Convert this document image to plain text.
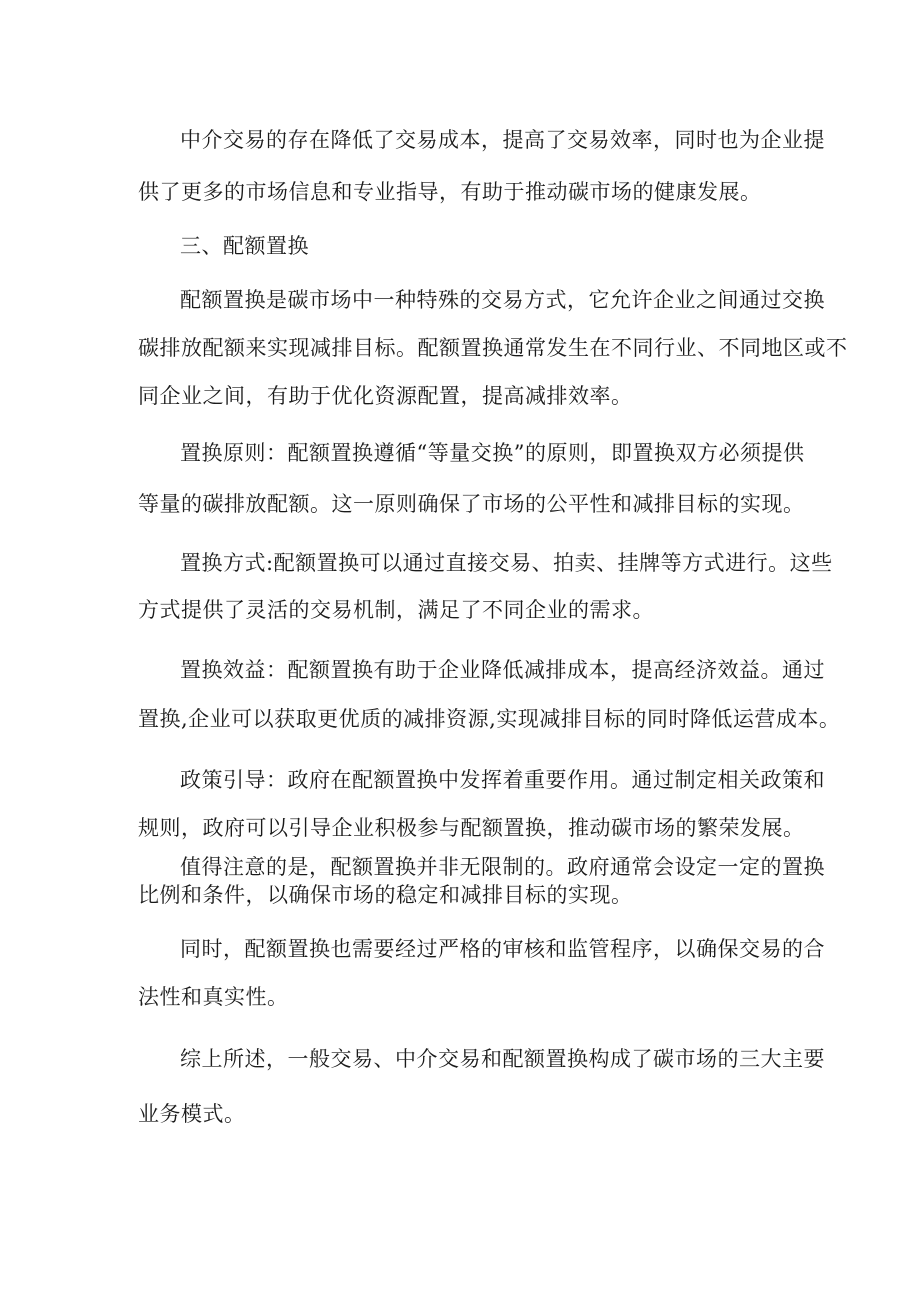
中介交易的存在降低了交易成本，提高了交易效率，同时也为企业提
供了更多的市场信息和专业指导，有助于推动碳市场的健康发展。
三、配额置换
配额置换是碳市场中一种特殊的交易方式，它允许企业之间通过交换
碳排放配额来实现减排目标。配额置换通常发生在不同行业、不同地区或不
同企业之间，有助于优化资源配置，提高减排效率。
置换原则：配额置换遵循“等量交换”的原则，即置换双方必须提供
等量的碳排放配额。这一原则确保了市场的公平性和减排目标的实现。
置换方式:配额置换可以通过直接交易、拍卖、挂牌等方式进行。这些
方式提供了灵活的交易机制，满足了不同企业的需求。
置换效益：配额置换有助于企业降低减排成本，提高经济效益。通过
置换,企业可以获取更优质的减排资源,实现减排目标的同时降低运营成本。
政策引导：政府在配额置换中发挥着重要作用。通过制定相关政策和
规则，政府可以引导企业积极参与配额置换，推动碳市场的繁荣发展。
值得注意的是，配额置换并非无限制的。政府通常会设定一定的置换
比例和条件，以确保市场的稳定和减排目标的实现。
同时，配额置换也需要经过严格的审核和监管程序，以确保交易的合
法性和真实性。
综上所述，一般交易、中介交易和配额置换构成了碳市场的三大主要
业务模式。
